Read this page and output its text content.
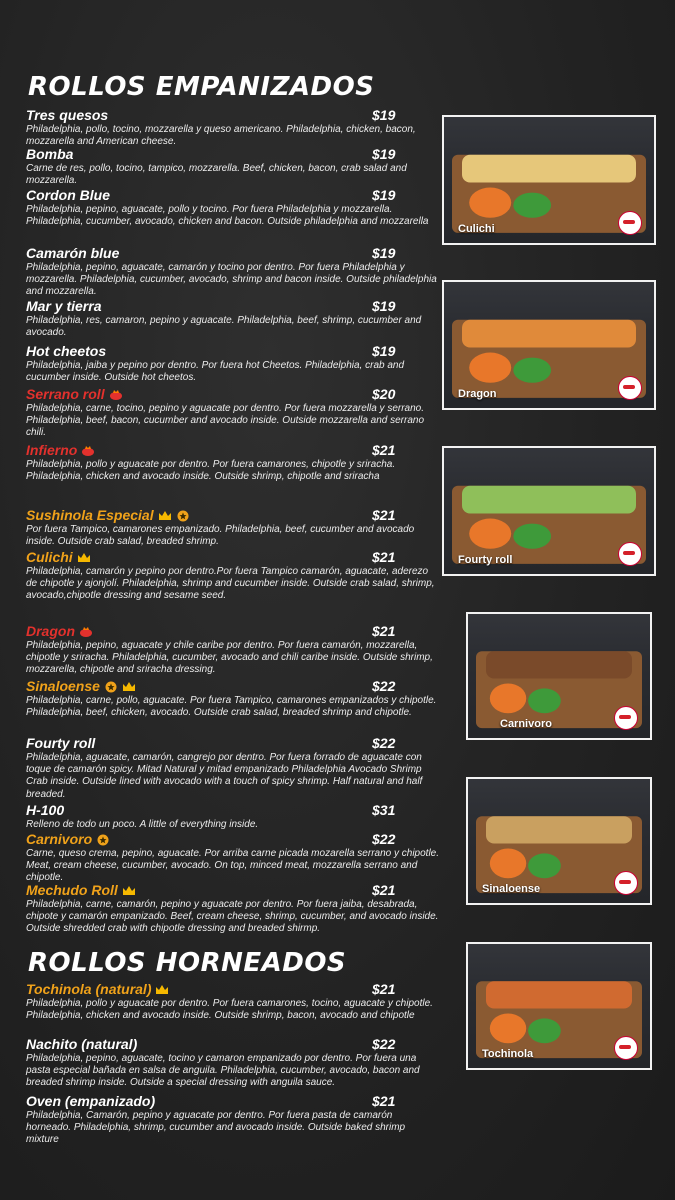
ROLLOS EMPANIZADOS
ROLLOS HORNEADOS
Tres quesos	$19

Philadelphia, pollo, tocino, mozzarella y queso americano. Philadelphia, chicken, bacon, mozzarella and American cheese.

Bomba	$19

Carne de res, pollo, tocino, tampico, mozzarella. Beef, chicken, bacon, crab salad and mozzarella.

Cordon Blue	$19

Philadelphia, pepino, aguacate, pollo y tocino. Por fuera Philadelphia y mozzarella. Philadelphia, cucumber, avocado, chicken and bacon. Outside philadelphia and mozzarella

Camarón blue	$19

Philadelphia, pepino, aguacate, camarón y tocino por dentro. Por fuera Philadelphia y mozzarella. Philadelphia, cucumber, avocado, shrimp and bacon inside. Outside philadelphia and mozzarella.

Mar y tierra	$19

Philadelphia, res, camaron, pepino y aguacate. Philadelphia, beef, shrimp, cucumber and avocado.

Hot cheetos	$19

Philadelphia, jaiba y pepino por dentro. Por fuera hot Cheetos. Philadelphia, crab and cucumber inside. Outside hot cheetos.

Serrano roll	$20

Philadelphia, carne, tocino, pepino y aguacate por dentro. Por fuera mozzarella y serrano. Philadelphia, beef, bacon, cucumber and avocado inside. Outside mozzarella and serrano chili.

Infierno	$21

Philadelphia, pollo y aguacate por dentro. Por fuera camarones, chipotle y sriracha. Philadelphia, chicken and avocado inside. Outside shrimp, chipotle and sriracha

Sushinola Especial	$21

Por fuera Tampico, camarones empanizado. Philadelphia, beef, cucumber and avocado inside. Outside crab salad, breaded shrimp.

Culichi	$21

Philadelphia, camarón y pepino por dentro.Por fuera Tampico camarón, aguacate, aderezo de chipotle y ajonjolí. Philadelphia, shrimp and cucumber inside. Outside crab salad, shrimp, avocado,chipotle dressing and sesame seed.

Dragon	$21

Philadelphia, pepino, aguacate y chile caribe por dentro. Por fuera camarón, mozzarella, chipotle y sriracha. Philadelphia, cucumber, avocado and chili caribe inside. Outside shrimp, mozzarella, chipotle and sriracha dressing.

Sinaloense	$22

Philadelphia, carne, pollo, aguacate. Por fuera Tampico, camarones empanizados y chipotle. Philadelphia, beef, chicken, avocado. Outside crab salad, breaded shrimp and chipotle.

Fourty roll	$22

Philadelphia, aguacate, camarón, cangrejo por dentro. Por fuera forrado de aguacate con toque de camarón spicy. Mitad Natural y mitad empanizado Philadelphia Avocado Shrimp Crab inside. Outside lined with avocado with a touch of spicy shrimp. Half natural and half breaded.

H-100	$31

Relleno de todo un poco. A little of everything inside.

Carnivoro	$22

Carne, queso crema, pepino, aguacate. Por arriba carne picada mozarella serrano y chipotle. Meat, cream cheese, cucumber, avocado. On top, minced meat, mozzarella serrano and chipotle.

Mechudo Roll	$21

Philadelphia, carne, camarón, pepino y aguacate por dentro. Por fuera jaiba, desabrada, chipote y camarón empanizado. Beef, cream cheese, shrimp, cucumber, and avocado inside. Outside shredded crab with chipotle dressing and breaded shirmp.

Tochinola (natural)	$21

Philadelphia, pollo y aguacate por dentro. Por fuera camarones, tocino, aguacate y chipotle. Philadelphia, chicken and avocado inside. Outside shrimp, bacon, avocado and chipotle

Nachito (natural)	$22

Philadelphia, pepino, aguacate, tocino y camaron empanizado por dentro. Por fuera una pasta especial bañada en salsa de anguila. Philadelphia, cucumber, avocado, bacon and breaded shrimp inside. Outside a special dressing with anguila sauce.

Oven (empanizado)	$21

Philadelphia, Camarón, pepino y aguacate por dentro. Por fuera pasta de camarón horneado. Philadelphia, shrimp, cucumber and avocado inside. Outside baked shrimp mixture

Culichi
Dragon
Fourty roll
Carnivoro
Sinaloense
Tochinola
